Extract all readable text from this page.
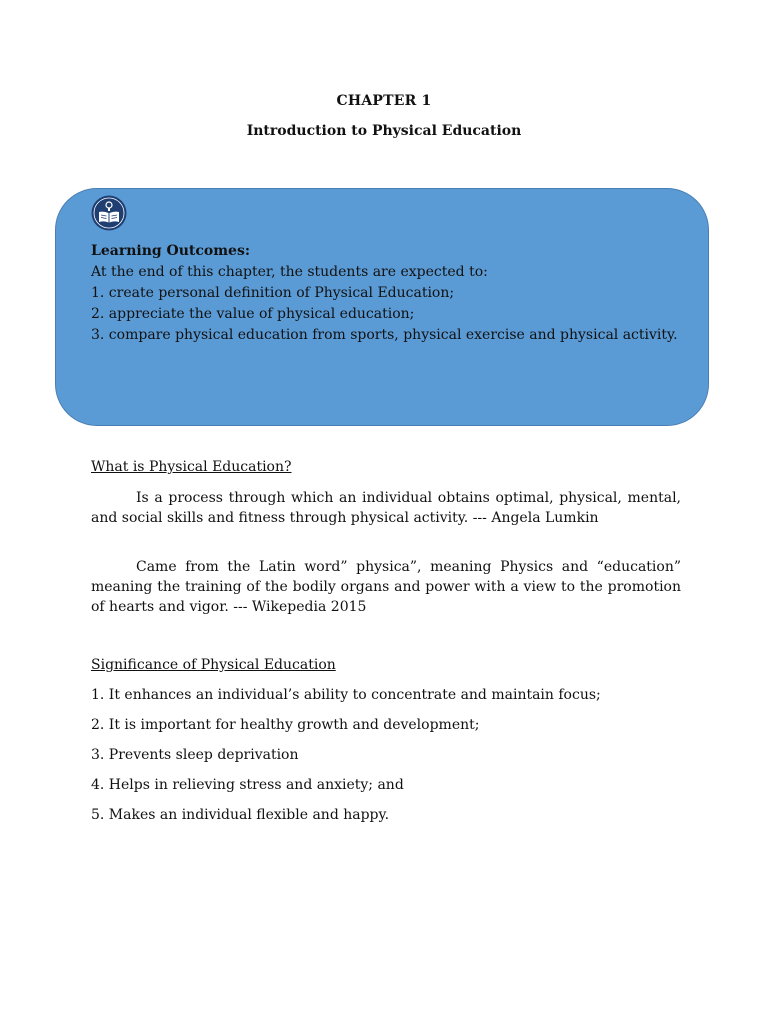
CHAPTER 1
Introduction to Physical Education
Learning Outcomes:
At the end of this chapter, the students are expected to:
1. create personal definition of Physical Education;
2. appreciate the value of physical education;
3. compare physical education from sports, physical exercise and physical activity.
What is Physical Education?
Is a process through which an individual obtains optimal, physical, mental, and social skills and fitness through physical activity. --- Angela Lumkin
Came from the Latin word” physica”, meaning Physics and “education” meaning the training of the bodily organs and power with a view to the promotion of hearts and vigor. --- Wikepedia 2015
Significance of Physical Education
1. It enhances an individual’s ability to concentrate and maintain focus;
2. It is important for healthy growth and development;
3. Prevents sleep deprivation
4. Helps in relieving stress and anxiety; and
5. Makes an individual flexible and happy.
